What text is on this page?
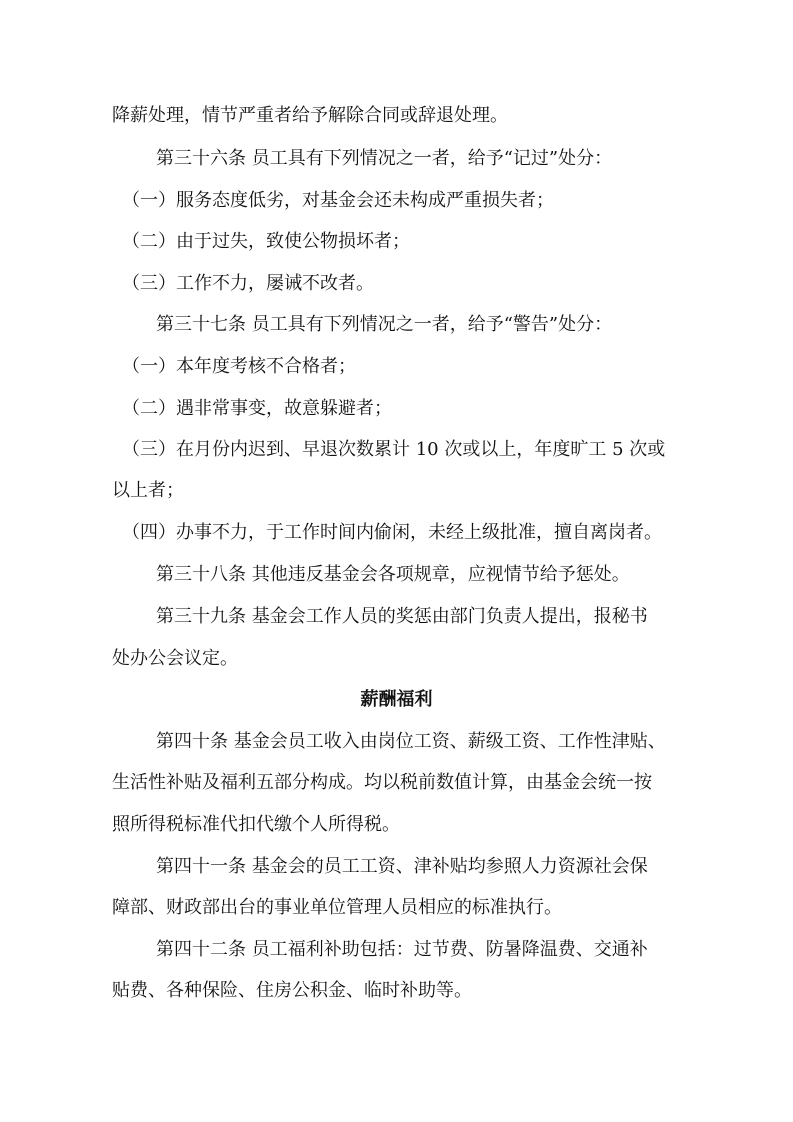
降薪处理，情节严重者给予解除合同或辞退处理。
第三十六条 员工具有下列情况之一者，给予“记过”处分：
（一）服务态度低劣，对基金会还未构成严重损失者；
（二）由于过失，致使公物损坏者；
（三）工作不力，屡诫不改者。
第三十七条 员工具有下列情况之一者，给予“警告”处分：
（一）本年度考核不合格者；
（二）遇非常事变，故意躲避者；
（三）在月份内迟到、早退次数累计 10 次或以上，年度旷工 5 次或
以上者；
（四）办事不力，于工作时间内偷闲，未经上级批准，擅自离岗者。
第三十八条 其他违反基金会各项规章，应视情节给予惩处。
第三十九条 基金会工作人员的奖惩由部门负责人提出，报秘书
处办公会议定。
薪酬福利
第四十条 基金会员工收入由岗位工资、薪级工资、工作性津贴、
生活性补贴及福利五部分构成。均以税前数值计算，由基金会统一按
照所得税标准代扣代缴个人所得税。
第四十一条 基金会的员工工资、津补贴均参照人力资源社会保
障部、财政部出台的事业单位管理人员相应的标准执行。
第四十二条 员工福利补助包括：过节费、防暑降温费、交通补
贴费、各种保险、住房公积金、临时补助等。
